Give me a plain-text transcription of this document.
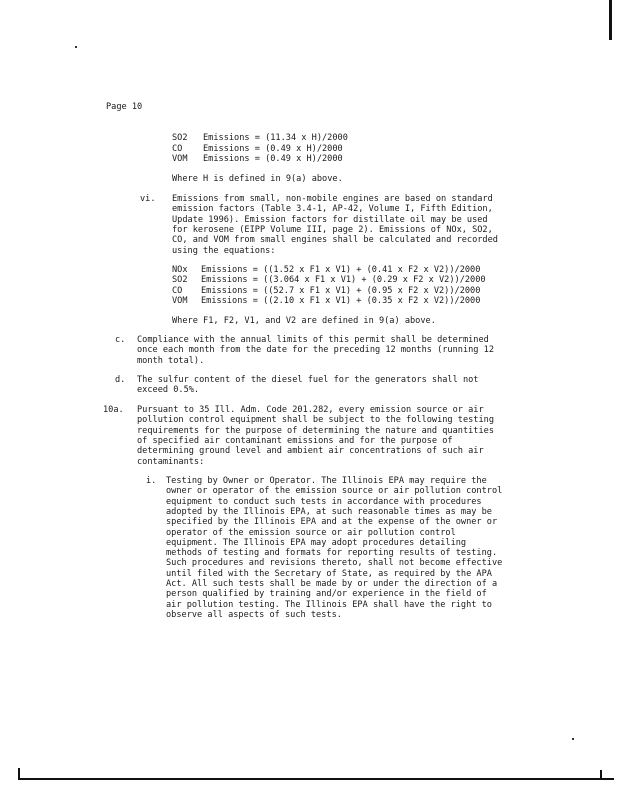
Page 10
SO2 Emissions = (11.34 x H)/2000
CO Emissions = (0.49 x H)/2000
VOM Emissions = (0.49 x H)/2000
Where H is defined in 9(a) above.
vi. Emissions from small, non-mobile engines are based on standard
emission factors (Table 3.4-1, AP-42, Volume I, Fifth Edition,
Update 1996). Emission factors for distillate oil may be used
for kerosene (EIPP Volume III, page 2). Emissions of NOx, SO2,
CO, and VOM from small engines shall be calculated and recorded
using the equations:
NOx Emissions = ((1.52 x F1 x V1) + (0.41 x F2 x V2))/2000
SO2 Emissions = ((3.064 x F1 x V1) + (0.29 x F2 x V2))/2000
CO Emissions = ((52.7 x F1 x V1) + (0.95 x F2 x V2))/2000
VOM Emissions = ((2.10 x F1 x V1) + (0.35 x F2 x V2))/2000
Where F1, F2, V1, and V2 are defined in 9(a) above.
c. Compliance with the annual limits of this permit shall be determined
once each month from the date for the preceding 12 months (running 12
month total).
d. The sulfur content of the diesel fuel for the generators shall not
exceed 0.5%.
10a. Pursuant to 35 Ill. Adm. Code 201.282, every emission source or air
pollution control equipment shall be subject to the following testing
requirements for the purpose of determining the nature and quantities
of specified air contaminant emissions and for the purpose of
determining ground level and ambient air concentrations of such air
contaminants:
i. Testing by Owner or Operator. The Illinois EPA may require the
owner or operator of the emission source or air pollution control
equipment to conduct such tests in accordance with procedures
adopted by the Illinois EPA, at such reasonable times as may be
specified by the Illinois EPA and at the expense of the owner or
operator of the emission source or air pollution control
equipment. The Illinois EPA may adopt procedures detailing
methods of testing and formats for reporting results of testing.
Such procedures and revisions thereto, shall not become effective
until filed with the Secretary of State, as required by the APA
Act. All such tests shall be made by or under the direction of a
person qualified by training and/or experience in the field of
air pollution testing. The Illinois EPA shall have the right to
observe all aspects of such tests.
